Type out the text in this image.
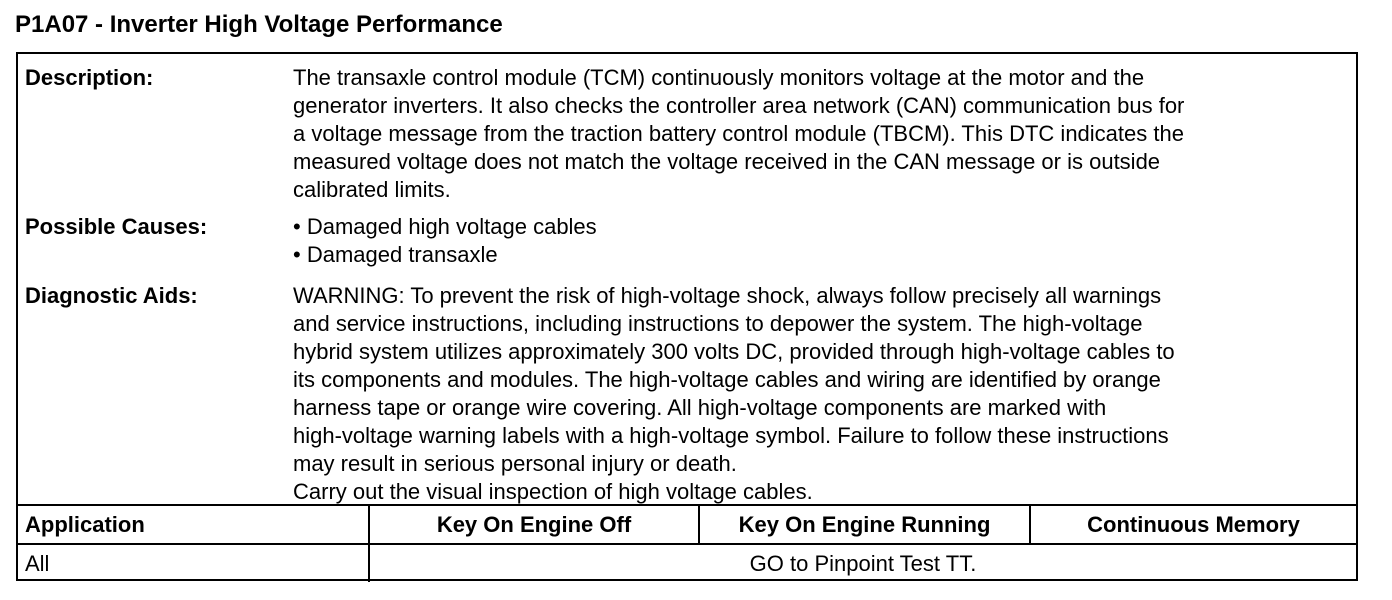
P1A07 - Inverter High Voltage Performance
Description:	The transaxle control module (TCM) continuously monitors voltage at the motor and the
generator inverters. It also checks the controller area network (CAN) communication bus for
a voltage message from the traction battery control module (TBCM). This DTC indicates the
measured voltage does not match the voltage received in the CAN message or is outside
calibrated limits.
Possible Causes:	• Damaged high voltage cables
• Damaged transaxle
Diagnostic Aids:	WARNING: To prevent the risk of high-voltage shock, always follow precisely all warnings
and service instructions, including instructions to depower the system. The high-voltage
hybrid system utilizes approximately 300 volts DC, provided through high-voltage cables to
its components and modules. The high-voltage cables and wiring are identified by orange
harness tape or orange wire covering. All high-voltage components are marked with
high-voltage warning labels with a high-voltage symbol. Failure to follow these instructions
may result in serious personal injury or death.
Carry out the visual inspection of high voltage cables.
Application	Key On Engine Off	Key On Engine Running	Continuous Memory
All	GO to Pinpoint Test TT.		
